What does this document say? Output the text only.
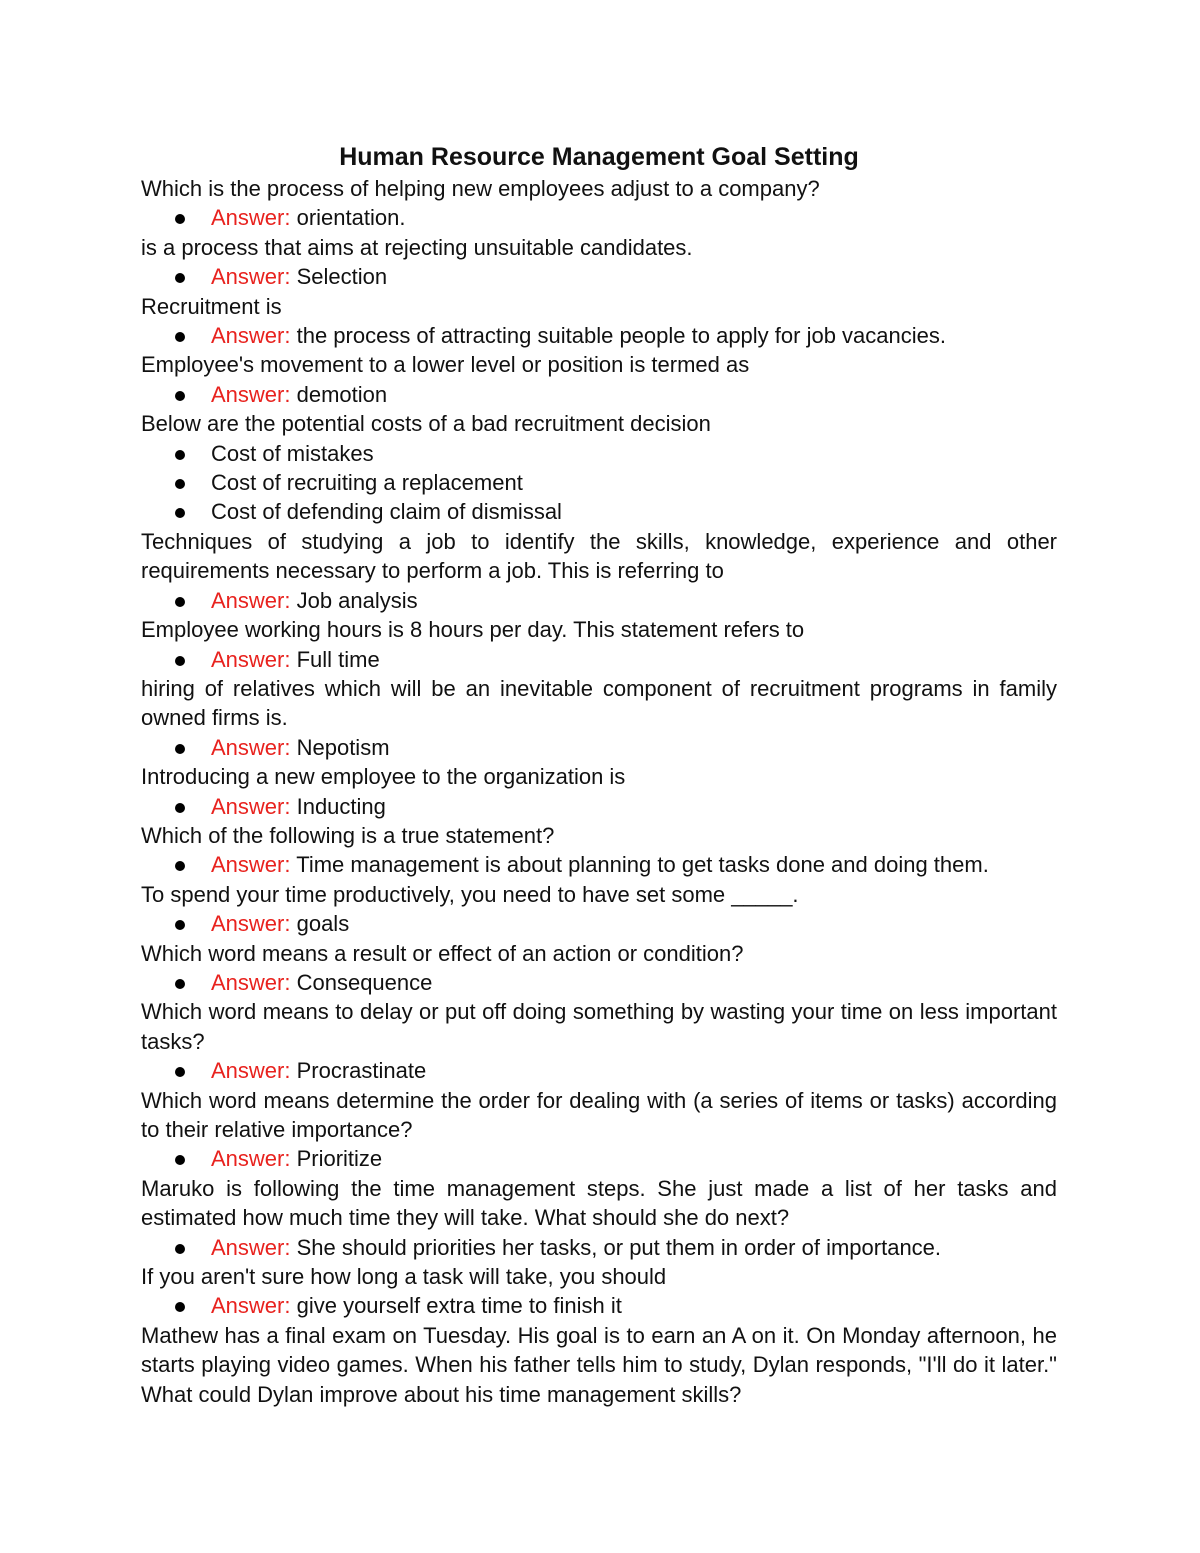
Human Resource Management Goal Setting

Which is the process of helping new employees adjust to a company?

Answer: orientation.

is a process that aims at rejecting unsuitable candidates.

Answer: Selection

Recruitment is

Answer: the process of attracting suitable people to apply for job vacancies.

Employee's movement to a lower level or position is termed as

Answer: demotion

Below are the potential costs of a bad recruitment decision

Cost of mistakes
Cost of recruiting a replacement
Cost of defending claim of dismissal

Techniques of studying a job to identify the skills, knowledge, experience and other requirements necessary to perform a job. This is referring to

Answer: Job analysis

Employee working hours is 8 hours per day. This statement refers to

Answer: Full time

hiring of relatives which will be an inevitable component of recruitment programs in family owned firms is.

Answer: Nepotism

Introducing a new employee to the organization is

Answer: Inducting

Which of the following is a true statement?

Answer: Time management is about planning to get tasks done and doing them.

To spend your time productively, you need to have set some _____.

Answer: goals

Which word means a result or effect of an action or condition?

Answer: Consequence

Which word means to delay or put off doing something by wasting your time on less important tasks?

Answer: Procrastinate

Which word means determine the order for dealing with (a series of items or tasks) according to their relative importance?

Answer: Prioritize

Maruko is following the time management steps. She just made a list of her tasks and estimated how much time they will take. What should she do next?

Answer: She should priorities her tasks, or put them in order of importance.

If you aren't sure how long a task will take, you should

Answer: give yourself extra time to finish it

Mathew has a final exam on Tuesday. His goal is to earn an A on it. On Monday afternoon, he starts playing video games. When his father tells him to study, Dylan responds, "I'll do it later." What could Dylan improve about his time management skills?
